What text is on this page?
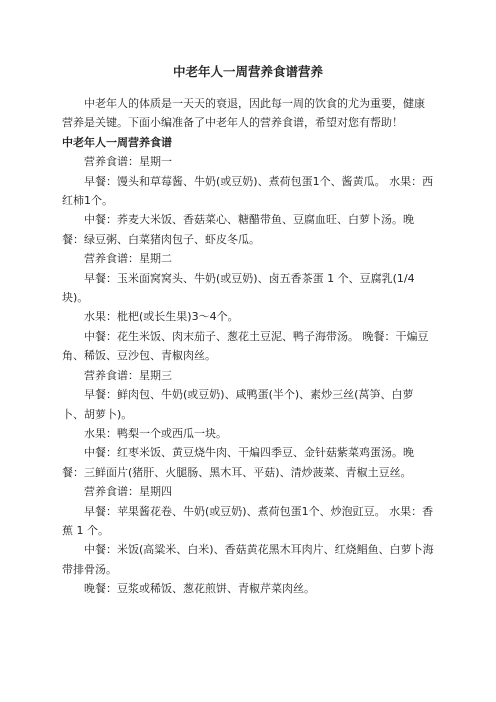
中老年人一周营养食谱营养

中老年人的体质是一天天的衰退，因此每一周的饮食的尤为重要，健康营养是关键。下面小编准备了中老年人的营养食谱，希望对您有帮助！

中老年人一周营养食谱

营养食谱：星期一

早餐：馒头和草莓酱、牛奶(或豆奶)、煮荷包蛋1个、酱黄瓜。 水果：西红柿1个。

中餐：荞麦大米饭、香菇菜心、糖醋带鱼、豆腐血旺、白萝卜汤。晚餐：绿豆粥、白菜猪肉包子、虾皮冬瓜。

营养食谱：星期二

早餐：玉米面窝窝头、牛奶(或豆奶)、卤五香茶蛋 1 个、豆腐乳(1/4 块)。

水果：枇杷(或长生果)3～4个。

中餐：花生米饭、肉末茄子、葱花土豆泥、鸭子海带汤。 晚餐：干煸豆角、稀饭、豆沙包、青椒肉丝。

营养食谱：星期三

早餐：鲜肉包、牛奶(或豆奶)、咸鸭蛋(半个)、素炒三丝(莴笋、白萝卜、胡萝卜)。

水果：鸭梨一个或西瓜一块。

中餐：红枣米饭、黄豆烧牛肉、干煸四季豆、金针菇紫菜鸡蛋汤。晚餐：三鲜面片(猪肝、火腿肠、黑木耳、平菇)、清炒菠菜、青椒土豆丝。

营养食谱：星期四

早餐：苹果酱花卷、牛奶(或豆奶)、煮荷包蛋1个、炒泡豇豆。 水果：香蕉 1 个。

中餐：米饭(高粱米、白米)、香菇黄花黑木耳肉片、红烧鲳鱼、白萝卜海带排骨汤。

晚餐：豆浆或稀饭、葱花煎饼、青椒芹菜肉丝。
